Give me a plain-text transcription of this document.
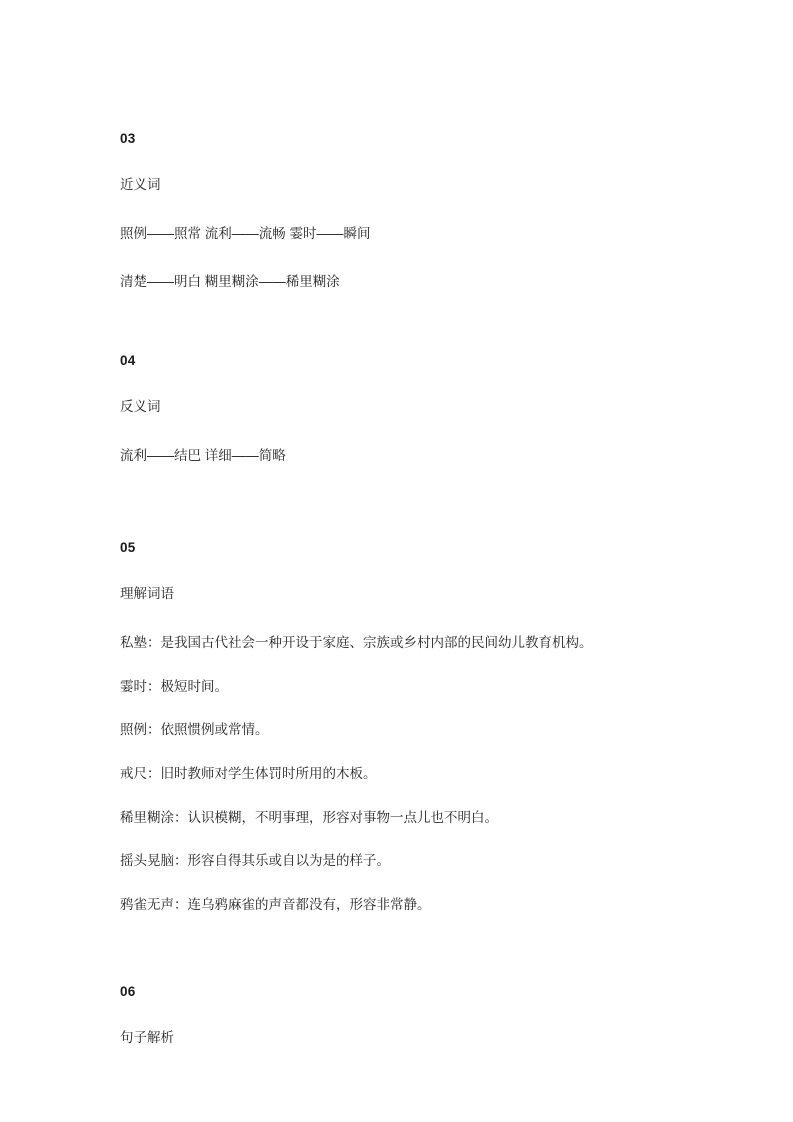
03
近义词
照例——照常 流利——流畅 霎时——瞬间
清楚——明白 糊里糊涂——稀里糊涂
04
反义词
流利——结巴 详细——简略
05
理解词语
私塾：是我国古代社会一种开设于家庭、宗族或乡村内部的民间幼儿教育机构。
霎时：极短时间。
照例：依照惯例或常情。
戒尺：旧时教师对学生体罚时所用的木板。
稀里糊涂：认识模糊，不明事理，形容对事物一点儿也不明白。
摇头晃脑：形容自得其乐或自以为是的样子。
鸦雀无声：连乌鸦麻雀的声音都没有，形容非常静。
06
句子解析
